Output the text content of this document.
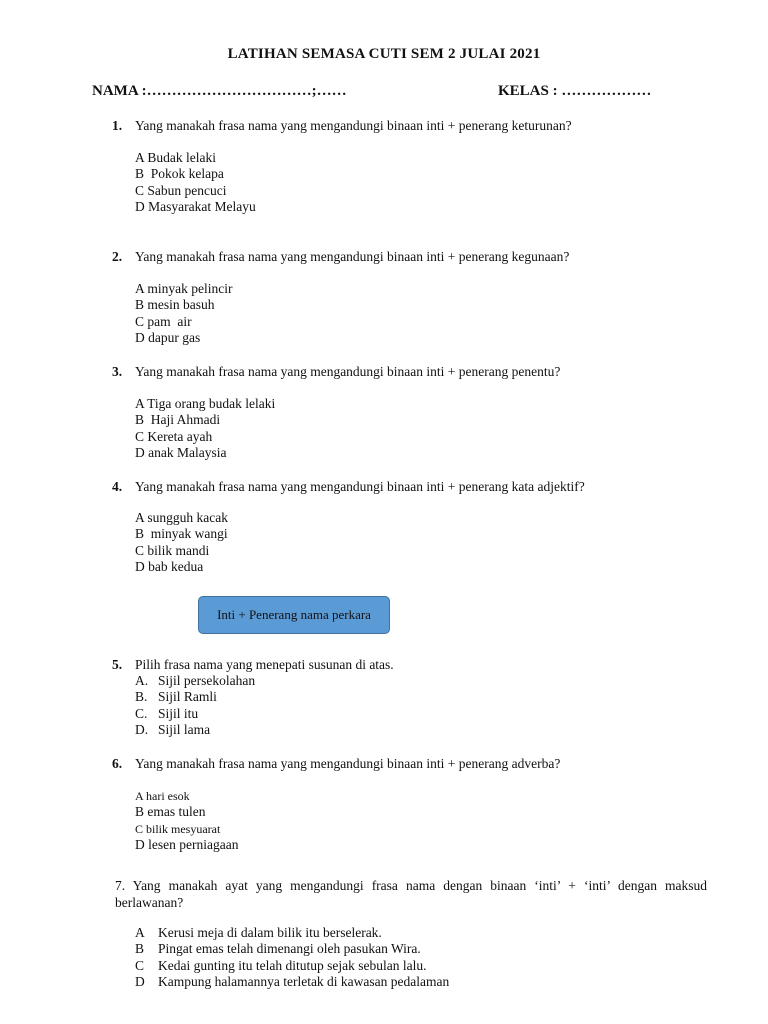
LATIHAN SEMASA CUTI SEM 2 JULAI 2021
NAMA :……………………………;……	KELAS : ………………
1. Yang manakah frasa nama yang mengandungi binaan inti + penerang keturunan?
A Budak lelaki
B  Pokok kelapa
C Sabun pencuci
D Masyarakat Melayu
2. Yang manakah frasa nama yang mengandungi binaan inti + penerang kegunaan?
A minyak pelincir
B mesin basuh
C pam  air
D dapur gas
3. Yang manakah frasa nama yang mengandungi binaan inti + penerang penentu?
A Tiga orang budak lelaki
B  Haji Ahmadi
C Kereta ayah
D anak Malaysia
4. Yang manakah frasa nama yang mengandungi binaan inti + penerang kata adjektif?
A sungguh kacak
B  minyak wangi
C bilik mandi
D bab kedua
Inti + Penerang nama perkara
5. Pilih frasa nama yang menepati susunan di atas.
A. Sijil persekolahan
B. Sijil Ramli
C. Sijil itu
D. Sijil lama
6. Yang manakah frasa nama yang mengandungi binaan inti + penerang adverba?
A hari esok
B emas tulen
C bilik mesyuarat
D lesen perniagaan
7. Yang manakah ayat yang mengandungi frasa nama dengan binaan ‘inti’ + ‘inti’ dengan maksud berlawanan?
A Kerusi meja di dalam bilik itu berselerak.
B Pingat emas telah dimenangi oleh pasukan Wira.
C Kedai gunting itu telah ditutup sejak sebulan lalu.
D Kampung halamannya terletak di kawasan pedalaman
